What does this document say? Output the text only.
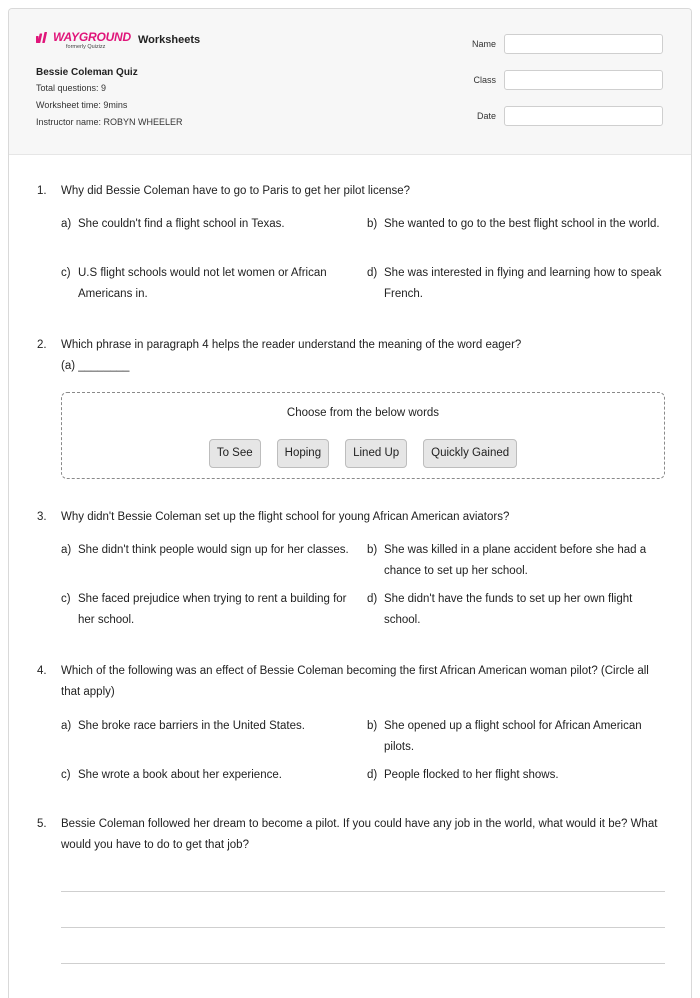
WAYGROUND
formerly Quizizz
Worksheets
Bessie Coleman Quiz
Total questions: 9
Worksheet time: 9mins
Instructor name: ROBYN WHEELER
Name
Class
Date
1. Why did Bessie Coleman have to go to Paris to get her pilot license?
a) She couldn't find a flight school in Texas.	b) She wanted to go to the best flight school in the world.
c) U.S flight schools would not let women or African Americans in.
d) She was interested in flying and learning how to speak French.
2. Which phrase in paragraph 4 helps the reader understand the meaning of the word eager?
(a) ________
Choose from the below words
To See	Hoping	Lined Up	Quickly Gained
3. Why didn't Bessie Coleman set up the flight school for young African American aviators?
a) She didn't think people would sign up for her classes.	b) She was killed in a plane accident before she had a chance to set up her school.
c) She faced prejudice when trying to rent a building for her school.
d) She didn't have the funds to set up her own flight school.
4. Which of the following was an effect of Bessie Coleman becoming the first African American woman pilot? (Circle all that apply)
a) She broke race barriers in the United States.	b) She opened up a flight school for African American pilots.
c) She wrote a book about her experience.	d) People flocked to her flight shows.
5. Bessie Coleman followed her dream to become a pilot. If you could have any job in the world, what would it be? What would you have to do to get that job?
